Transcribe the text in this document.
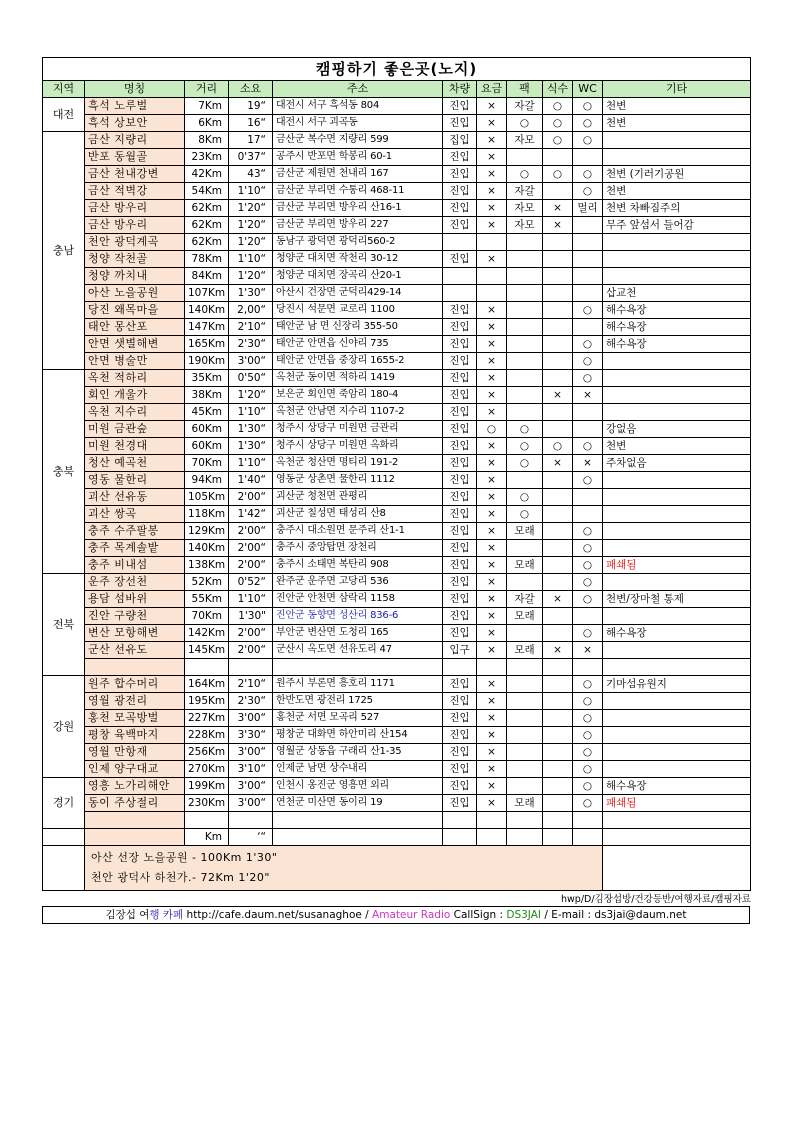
캠핑하기 좋은곳(노지)										
지역	명칭	거리	소요	주소	차량	요금	팩	식수	WC	기타
대전	흑석 노루벌	7Km	19“	대전시 서구 흑석동 804	진입	×	자갈	○	○	천변
	흑석 상보안	6Km	16“	대전시 서구 괴곡동	진입	×	○	○	○	천변
충남	금산 지량리	8Km	17“	금산군 복수면 지량리 599	집입	×	자모	○	○	
	반포 동월골	23Km	0'37“	공주시 반포면 학봉리 60-1	진입	×				
	금산 천내강변	42Km	43“	금산군 제원면 천내리 167	진입	×	○	○	○	천변 (기러기공원
	금산 적벽강	54Km	1'10“	금산군 부리면 수통리 468-11	진입	×	자갈		○	천변
	금산 방우리	62Km	1'20“	금산군 부리면 방우리 산16-1	진입	×	자모	×	멀리	천변 차빠짐주의
	금산 방우리	62Km	1'20“	금산군 부리면 방우리 227	진입	×	자모	×		무주 앞섬서 들어감
	천안 광덕계곡	62Km	1'20“	동남구 광덕면 광덕리560-2						
	청양 작천골	78Km	1'10“	청양군 대치면 작천리 30-12	진입	×				
	청양 까치내	84Km	1'20“	청양군 대치면 장곡리 산20-1						
	아산 노을공원	107Km	1'30“	아산시 건장면 군덕리429-14						삽교천
	당진 왜목마을	140Km	2,00“	당진시 석문면 교로리 1100	진입	×			○	해수욕장
	태안 몽산포	147Km	2'10“	태안군 남 면 신장리 355-50	진입	×				해수욕장
	안면 샛별해변	165Km	2'30“	태안군 안면읍 신야리 735	진입	×			○	해수욕장
	안면 병술만	190Km	3'00“	태안군 안면읍 중장리 1655-2	진입	×			○	
충북	옥천 적하리	35Km	0'50“	옥천군 동이면 적하리 1419	진입	×			○	
	회인 개울가	38Km	1'20“	보은군 회인면 죽암리 180-4	진입	×		×	×	
	옥천 지수리	45Km	1'10“	옥천군 안남면 지수리 1107-2	진입	×				
	미원 금관숲	60Km	1'30“	청주시 상당구 미원면 금관리	진입	○	○			강없음
	미원 천경대	60Km	1'30“	청주시 상당구 미원면 옥화리	진입	×	○	○	○	천변
	청산 예곡천	70Km	1'10“	옥천군 청산면 명티리 191-2	진입	×	○	×	×	주차없음
	영동 물한리	94Km	1'40“	영동군 상촌면 물한리 1112	진입	×			○	
	괴산 선유동	105Km	2'00“	괴산군 청천면 관평리	진입	×	○			
	괴산 쌍곡	118Km	1'42“	괴산군 칠성면 태성리 산8	진입	×	○			
	충주 수주팔봉	129Km	2'00“	충주시 대소원면 문주리 산1-1	진입	×	모래		○	
	충주 목계솔밭	140Km	2'00“	충주시 중앙탑면 장천리	진입	×			○	
	충주 비내섬	138Km	2'00“	충주시 소태면 복탄리 908	진입	×	모래		○	패쇄됨
전북	운주 장선천	52Km	0'52“	완주군 운주면 고당리 536	진입	×			○	
	용담 섬바위	55Km	1'10“	진안군 안천면 삼락리 1158	진입	×	자갈	×	○	천변/장마철 통제
	진안 구량천	70Km	1'30"	진안군 동향면 성산리 836-6	진입	×	모래			
	변산 모항해변	142Km	2'00“	부안군 변산면 도청리 165	진입	×			○	해수욕장
	군산 선유도	145Km	2'00“	군산시 옥도면 선유도리 47	입구	×	모래	×	×	

강원	원주 합수머리	164Km	2'10“	원주시 부론면 흥호리 1171	진입	×			○	기마섬유원지
	영월 광전리	195Km	2'30“	한반도면 광전리 1725	진입	×			○	
	홍천 모곡방벌	227Km	3'00“	홍천군 서면 모곡리 527	진입	×			○	
	평창 육백마지	228Km	3'30“	평창군 대화면 하안미리 산154	진입	×			○	
	영월 만항재	256Km	3'00“	영월군 상동읍 구래리 산1-35	진입	×			○	
	인제 양구대교	270Km	3'10“	인제군 남면 상수내리	진입	×			○	
경기	영흥 노가리해안	199Km	3'00“	인천시 옹진군 영흥면 외리	진입	×			○	해수욕장
	동이 주상절리	230Km	3'00“	연천군 미산면 동이리 19	진입	×	모래		○	패쇄됨

		Km	‘“							

	아산 선장 노을공원 - 100Km 1'30"
천안 광덕사 하천가.- 72Km 1'20"									

hwp/D/김장섭방/건강등반/여행자료/캠핑자료
김장섭 여행 카페 http://cafe.daum.net/susanaghoe / Amateur Radio CallSign : DS3JAI / E-mail : ds3jai@daum.net
